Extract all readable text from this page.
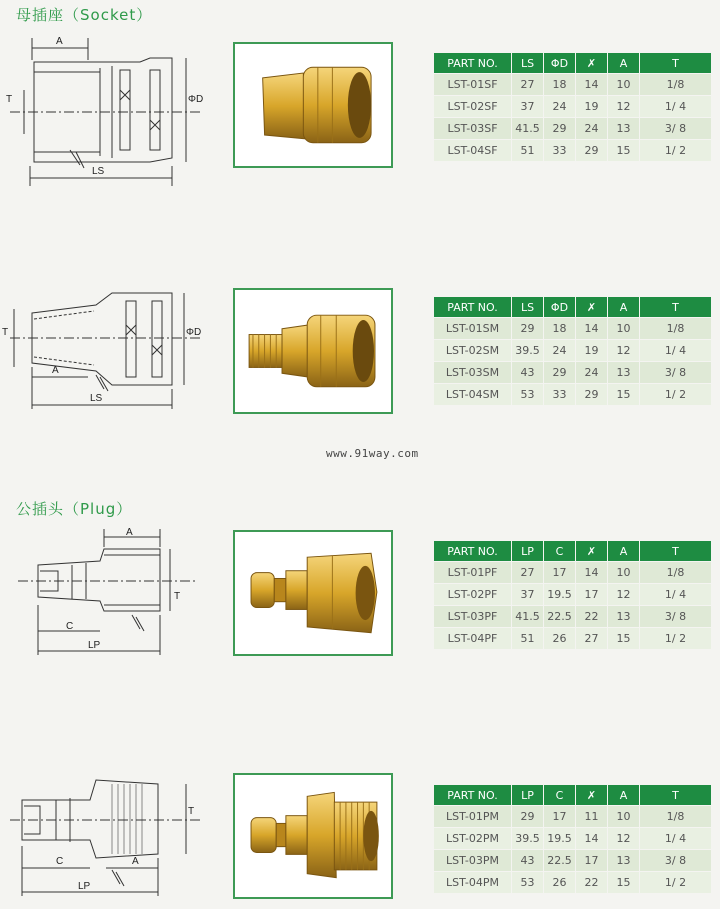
母插座（Socket）
公插头（Plug）
A
T	ΦD
LS
PART NO.	LS	ΦD	✗	A	T
LST-01SF	27	18	14	10	1/8
LST-02SF	37	24	19	12	1/ 4
LST-03SF	41.5	29	24	13	3/ 8
LST-04SF	51	33	29	15	1/ 2
T	ΦD
A
LS
PART NO.	LS	ΦD	✗	A	T
LST-01SM	29	18	14	10	1/8
LST-02SM	39.5	24	19	12	1/ 4
LST-03SM	43	29	24	13	3/ 8
LST-04SM	53	33	29	15	1/ 2
www.91way.com
A
T
C
LP
PART NO.	LP	C	✗	A	T
LST-01PF	27	17	14	10	1/8
LST-02PF	37	19.5	17	12	1/ 4
LST-03PF	41.5	22.5	22	13	3/ 8
LST-04PF	51	26	27	15	1/ 2
T
C	A
LP
PART NO.	LP	C	✗	A	T
LST-01PM	29	17	11	10	1/8
LST-02PM	39.5	19.5	14	12	1/ 4
LST-03PM	43	22.5	17	13	3/ 8
LST-04PM	53	26	22	15	1/ 2
